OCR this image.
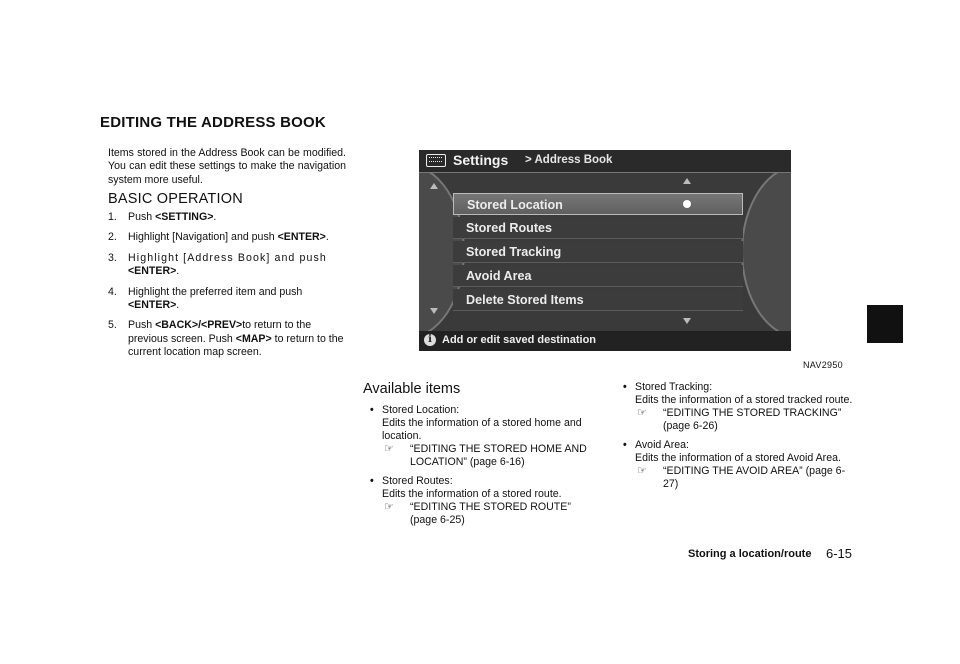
EDITING THE ADDRESS BOOK
Items stored in the Address Book can be modified. You can edit these settings to make the navigation system more useful.
BASIC OPERATION
1. Push <SETTING>.
2. Highlight [Navigation] and push <ENTER>.
3. Highlight [Address Book] and push <ENTER>.
4. Highlight the preferred item and push <ENTER>.
5. Push <BACK>/<PREV>to return to the previous screen. Push <MAP> to return to the current location map screen.
Settings > Address Book
Stored Location
Stored Routes
Stored Tracking
Avoid Area
Delete Stored Items
i Add or edit saved destination
NAV2950
Available items
• Stored Location:
Edits the information of a stored home and location.
☞ “EDITING THE STORED HOME AND LOCATION” (page 6-16)
• Stored Routes:
Edits the information of a stored route.
☞ “EDITING THE STORED ROUTE” (page 6-25)
• Stored Tracking:
Edits the information of a stored tracked route.
☞ “EDITING THE STORED TRACKING” (page 6-26)
• Avoid Area:
Edits the information of a stored Avoid Area.
☞ “EDITING THE AVOID AREA” (page 6-27)
Storing a location/route 6-15
